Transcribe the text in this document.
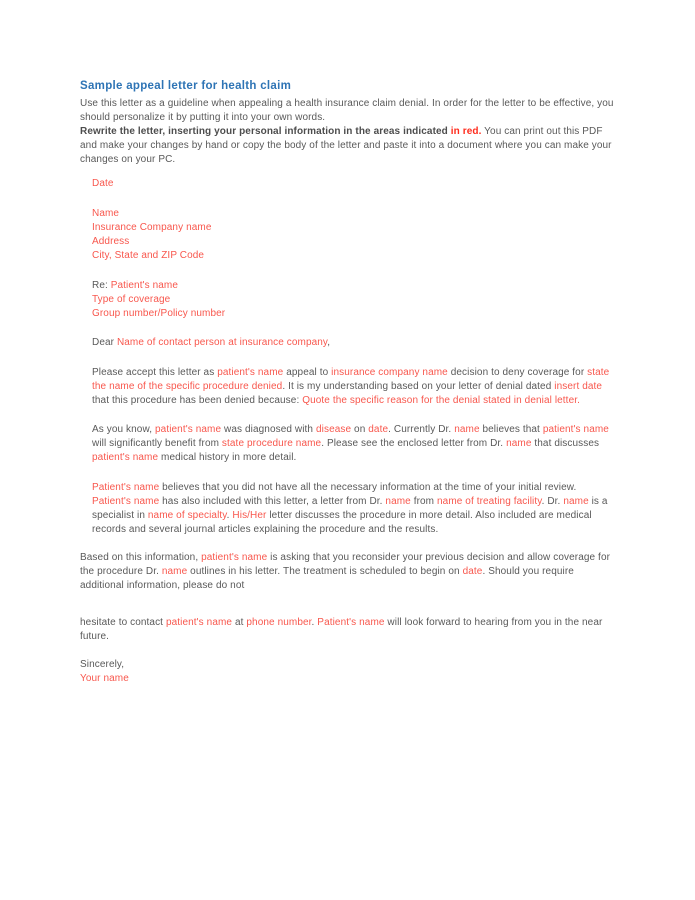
Sample appeal letter for health claim

Use this letter as a guideline when appealing a health insurance claim denial. In order for the letter to be effective, you should personalize it by putting it into your own words.

Rewrite the letter, inserting your personal information in the areas indicated in red. You can print out this PDF and make your changes by hand or copy the body of the letter and paste it into a document where you can make your changes on your PC.

Date

Name

Insurance Company name

Address

City, State and ZIP Code

Re: Patient's name

Type of coverage

Group number/Policy number

Dear Name of contact person at insurance company,

Please accept this letter as patient's name appeal to insurance company name decision to deny coverage for state the name of the specific procedure denied. It is my understanding based on your letter of denial dated insert date that this procedure has been denied because: Quote the specific reason for the denial stated in denial letter.

As you know, patient's name was diagnosed with disease on date. Currently Dr. name believes that patient's name will significantly benefit from state procedure name. Please see the enclosed letter from Dr. name that discusses patient's name medical history in more detail.

Patient's name believes that you did not have all the necessary information at the time of your initial review. Patient's name has also included with this letter, a letter from Dr. name from name of treating facility. Dr. name is a specialist in name of specialty. His/Her letter discusses the procedure in more detail. Also included are medical records and several journal articles explaining the procedure and the results.

Based on this information, patient's name is asking that you reconsider your previous decision and allow coverage for the procedure Dr. name outlines in his letter. The treatment is scheduled to begin on date. Should you require additional information, please do not

hesitate to contact patient's name at phone number. Patient's name will look forward to hearing from you in the near future.

Sincerely,

Your name
